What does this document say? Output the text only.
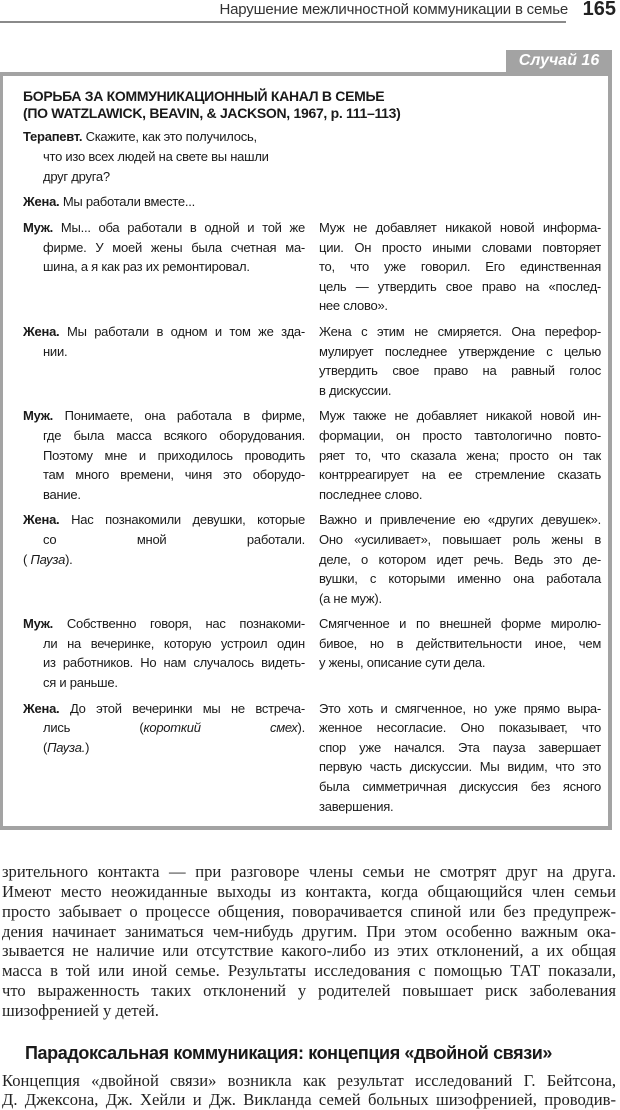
Нарушение межличностной коммуникации в семье 165
Случай 16
БОРЬБА ЗА КОММУНИКАЦИОННЫЙ КАНАЛ В СЕМЬЕ
(ПО WATZLAWICK, BEAVIN, & JACKSON, 1967, p. 111–113)
Терапевт. Скажите, как это получилось,
что изо всех людей на свете вы нашли
друг друга?
Жена. Мы работали вместе...
Муж. Мы... оба работали в одной и той же
фирме. У моей жены была счетная ма-
шина, а я как раз их ремонтировал.
Муж не добавляет никакой новой информа-
ции. Он просто иными словами повторяет
то, что уже говорил. Его единственная
цель — утвердить свое право на «послед-
нее слово».
Жена. Мы работали в одном и том же зда-
нии.
Жена с этим не смиряется. Она перефор-
мулирует последнее утверждение с целью
утвердить свое право на равный голос
в дискуссии.
Муж. Понимаете, она работала в фирме,
где была масса всякого оборудования.
Поэтому мне и приходилось проводить
там много времени, чиня это оборудо-
вание.
Муж также не добавляет никакой новой ин-
формации, он просто тавтологично повто-
ряет то, что сказала жена; просто он так
контрреагирует на ее стремление сказать
последнее слово.
Жена. Нас познакомили девушки, которые
со мной работали.
( Пауза).
Важно и привлечение ею «других девушек».
Оно «усиливает», повышает роль жены в
деле, о котором идет речь. Ведь это де-
вушки, с которыми именно она работала
(а не муж).
Муж. Собственно говоря, нас познакоми-
ли на вечеринке, которую устроил один
из работников. Но нам случалось видеть-
ся и раньше.
Смягченное и по внешней форме миролю-
бивое, но в действительности иное, чем
у жены, описание сути дела.
Жена. До этой вечеринки мы не встреча-
лись (короткий смех).
(Пауза.)
Это хоть и смягченное, но уже прямо выра-
женное несогласие. Оно показывает, что
спор уже начался. Эта пауза завершает
первую часть дискуссии. Мы видим, что это
была симметричная дискуссия без ясного
завершения.
зрительного контакта — при разговоре члены семьи не смотрят друг на друга.
Имеют место неожиданные выходы из контакта, когда общающийся член семьи
просто забывает о процессе общения, поворачивается спиной или без предупреж-
дения начинает заниматься чем-нибудь другим. При этом особенно важным ока-
зывается не наличие или отсутствие какого-либо из этих отклонений, а их общая
масса в той или иной семье. Результаты исследования с помощью ТАТ показали,
что выраженность таких отклонений у родителей повышает риск заболевания
шизофренией у детей.
Парадоксальная коммуникация: концепция «двойной связи»
Концепция «двойной связи» возникла как результат исследований Г. Бейтсона,
Д. Джексона, Дж. Хейли и Дж. Викланда семей больных шизофренией, проводив-
